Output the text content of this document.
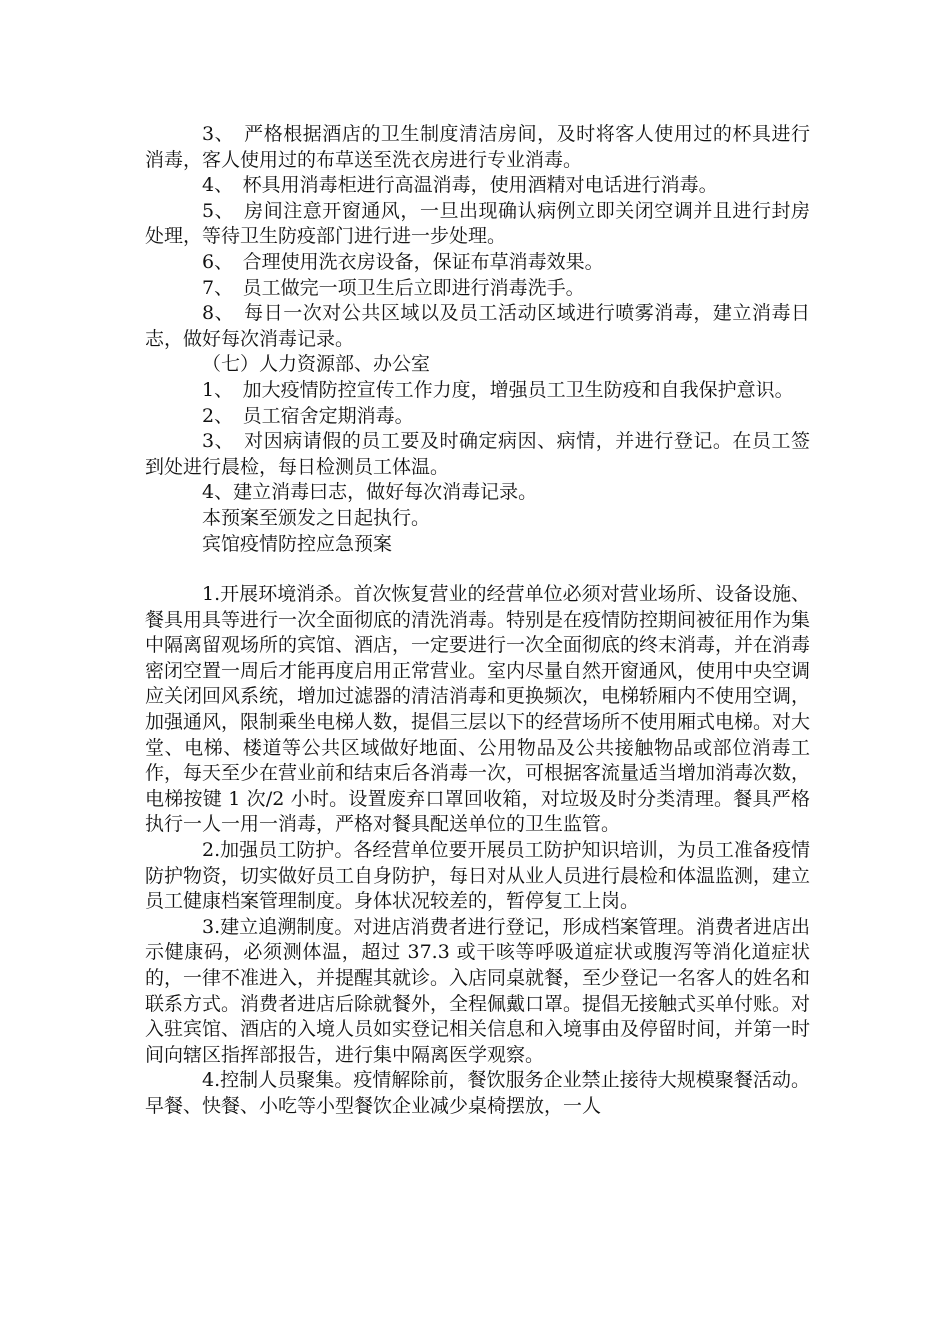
3、　严格根据酒店的卫生制度清洁房间，及时将客人使用过的杯具进行消毒，客人使用过的布草送至洗衣房进行专业消毒。

4、　杯具用消毒柜进行高温消毒，使用酒精对电话进行消毒。

5、　房间注意开窗通风，一旦出现确认病例立即关闭空调并且进行封房处理，等待卫生防疫部门进行进一步处理。

6、　合理使用洗衣房设备，保证布草消毒效果。

7、　员工做完一项卫生后立即进行消毒洗手。

8、　每日一次对公共区域以及员工活动区域进行喷雾消毒，建立消毒日志，做好每次消毒记录。

（七）人力资源部、办公室

1、　加大疫情防控宣传工作力度，增强员工卫生防疫和自我保护意识。

2、　员工宿舍定期消毒。

3、　对因病请假的员工要及时确定病因、病情，并进行登记。在员工签到处进行晨检，每日检测员工体温。

4、建立消毒曰志，做好每次消毒记录。

本预案至颁发之日起执行。

宾馆疫情防控应急预案

1.开展环境消杀。首次恢复营业的经营单位必须对营业场所、设备设施、餐具用具等进行一次全面彻底的清洗消毒。特别是在疫情防控期间被征用作为集中隔离留观场所的宾馆、酒店，一定要进行一次全面彻底的终末消毒，并在消毒密闭空置一周后才能再度启用正常营业。室内尽量自然开窗通风，使用中央空调应关闭回风系统，增加过滤器的清洁消毒和更换频次，电梯轿厢内不使用空调，加强通风，限制乘坐电梯人数，提倡三层以下的经营场所不使用厢式电梯。对大堂、电梯、楼道等公共区域做好地面、公用物品及公共接触物品或部位消毒工作，每天至少在营业前和结束后各消毒一次，可根据客流量适当增加消毒次数，电梯按键 1 次/2 小时。设置废弃口罩回收箱，对垃圾及时分类清理。餐具严格执行一人一用一消毒，严格对餐具配送单位的卫生监管。

2.加强员工防护。各经营单位要开展员工防护知识培训，为员工准备疫情防护物资，切实做好员工自身防护，每日对从业人员进行晨检和体温监测，建立员工健康档案管理制度。身体状况较差的，暂停复工上岗。

3.建立追溯制度。对进店消费者进行登记，形成档案管理。消费者进店出示健康码，必须测体温，超过 37.3 或干咳等呼吸道症状或腹泻等消化道症状的，一律不准进入，并提醒其就诊。入店同桌就餐，至少登记一名客人的姓名和联系方式。消费者进店后除就餐外，全程佩戴口罩。提倡无接触式买单付账。对入驻宾馆、酒店的入境人员如实登记相关信息和入境事由及停留时间，并第一时间向辖区指挥部报告，进行集中隔离医学观察。

4.控制人员聚集。疫情解除前，餐饮服务企业禁止接待大规模聚餐活动。早餐、快餐、小吃等小型餐饮企业减少桌椅摆放，一人
